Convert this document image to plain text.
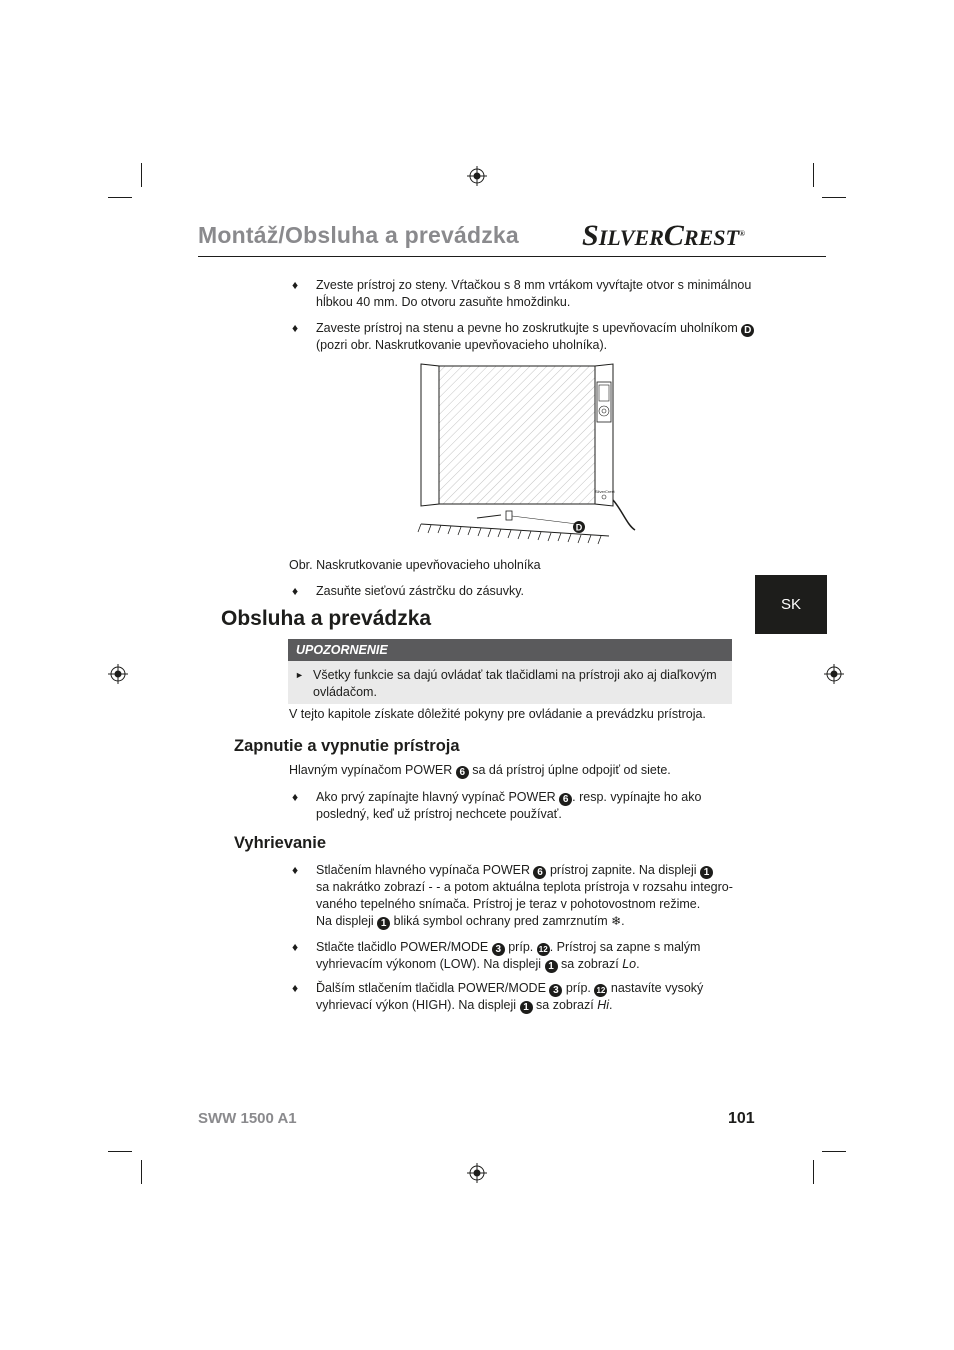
Montáž/Obsluha a prevádzka SILVERCREST®
♦ Zveste prístroj zo steny. Vŕtačkou s 8 mm vrtákom vyvŕtajte otvor s minimálnou
hĺbkou 40 mm. Do otvoru zasuňte hmoždinku.
♦ Zaveste prístroj na stenu a pevne ho zoskrutkujte s upevňovacím uholníkom D
(pozri obr. Naskrutkovanie upevňovacieho uholníka).
SilverCrest
D
Obr. Naskrutkovanie upevňovacieho uholníka
♦ Zasuňte sieťovú zástrčku do zásuvky.
Obsluha a prevádzka
UPOZORNENIE
► Všetky funkcie sa dajú ovládať tak tlačidlami na prístroji ako aj diaľkovým
ovládačom.
V tejto kapitole získate dôležité pokyny pre ovládanie a prevádzku prístroja.
Zapnutie a vypnutie prístroja
Hlavným vypínačom POWER 6 sa dá prístroj úplne odpojiť od siete.
♦ Ako prvý zapínajte hlavný vypínač POWER 6 . resp. vypínajte ho ako
posledný, keď už prístroj nechcete používať.
Vyhrievanie
♦ Stlačením hlavného vypínača POWER 6 prístroj zapnite. Na displeji 1
sa nakrátko zobrazí - - a potom aktuálna teplota prístroja v rozsahu integro-
vaného tepelného snímača. Prístroj je teraz v pohotovostnom režime.
Na displeji 1 bliká symbol ochrany pred zamrznutím ❄.
♦ Stlačte tlačidlo POWER/MODE 3 príp. 12 . Prístroj sa zapne s malým
vyhrievacím výkonom (LOW). Na displeji 1 sa zobrazí Lo.
♦ Ďalším stlačením tlačidla POWER/MODE 3 príp. 12 nastavíte vysoký
vyhrievací výkon (HIGH). Na displeji 1 sa zobrazí Hi.
SK
SWW 1500 A1	101
